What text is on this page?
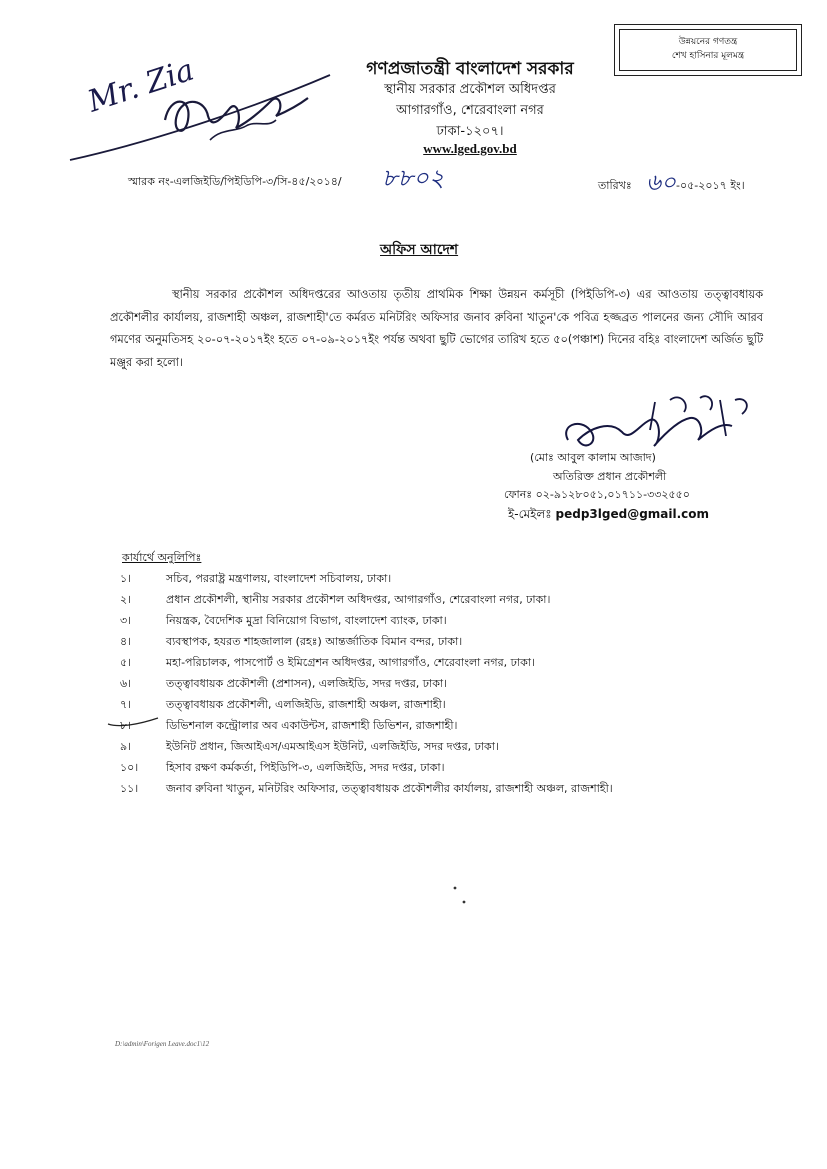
উন্নয়নের গণতন্ত্র
শেখ হাসিনার মূলমন্ত্র
Mr. Zia	গণপ্রজাতন্ত্রী বাংলাদেশ সরকার
স্থানীয় সরকার প্রকৌশল অধিদপ্তর
আগারগাঁও, শেরেবাংলা নগর
ঢাকা-১২০৭।
www.lged.gov.bd
স্মারক নং-এলজিইডি/পিইডিপি-৩/সি-৪৫/২০১৪/ ৮৮০২	তারিখঃ ৬০ -০৫-২০১৭ ইং।
অফিস আদেশ
স্থানীয় সরকার প্রকৌশল অধিদপ্তরের আওতায় তৃতীয় প্রাথমিক শিক্ষা উন্নয়ন কর্মসূচী (পিইডিপি-৩) এর আওতায় তত্ত্বাবধায়ক প্রকৌশলীর কার্যালয়, রাজশাহী অঞ্চল, রাজশাহী'তে কর্মরত মনিটরিং অফিসার জনাব রুবিনা খাতুন'কে পবিত্র হজ্জব্রত পালনের জন্য সৌদি আরব গমণের অনুমতিসহ ২০-০৭-২০১৭ইং হতে ০৭-০৯-২০১৭ইং পর্যন্ত অথবা ছুটি ভোগের তারিখ হতে ৫০(পঞ্চাশ) দিনের বহিঃ বাংলাদেশ অর্জিত ছুটি মঞ্জুর করা হলো।
(মোঃ আবুল কালাম আজাদ)
অতিরিক্ত প্রধান প্রকৌশলী
ফোনঃ ০২-৯১২৮০৫১,০১৭১১-৩৩২৫৫০
ই-মেইলঃ pedp3lged@gmail.com
কার্যার্থে অনুলিপিঃ
১।	সচিব, পররাষ্ট্র মন্ত্রণালয়, বাংলাদেশ সচিবালয়, ঢাকা।
২।	প্রধান প্রকৌশলী, স্থানীয় সরকার প্রকৌশল অধিদপ্তর, আগারগাঁও, শেরেবাংলা নগর, ঢাকা।
৩।	নিয়ন্ত্রক, বৈদেশিক মুদ্রা বিনিয়োগ বিভাগ, বাংলাদেশ ব্যাংক, ঢাকা।
৪।	ব্যবস্থাপক, হযরত শাহজালাল (রহঃ) আন্তর্জাতিক বিমান বন্দর, ঢাকা।
৫।	মহা-পরিচালক, পাসপোর্ট ও ইমিগ্রেশন অধিদপ্তর, আগারগাঁও, শেরেবাংলা নগর, ঢাকা।
৬।	তত্ত্বাবধায়ক প্রকৌশলী (প্রশাসন), এলজিইডি, সদর দপ্তর, ঢাকা।
৭।	তত্ত্বাবধায়ক প্রকৌশলী, এলজিইডি, রাজশাহী অঞ্চল, রাজশাহী।
৮।	ডিভিশনাল কন্ট্রোলার অব একাউন্টস, রাজশাহী ডিভিশন, রাজশাহী।
৯।	ইউনিট প্রধান, জিআইএস/এমআইএস ইউনিট, এলজিইডি, সদর দপ্তর, ঢাকা।
১০।	হিসাব রক্ষণ কর্মকর্তা, পিইডিপি-৩, এলজিইডি, সদর দপ্তর, ঢাকা।
১১।	জনাব রুবিনা খাতুন, মনিটরিং অফিসার, তত্ত্বাবধায়ক প্রকৌশলীর কার্যালয়, রাজশাহী অঞ্চল, রাজশাহী।
D:\admin\Forigen Leave.doc1\12
